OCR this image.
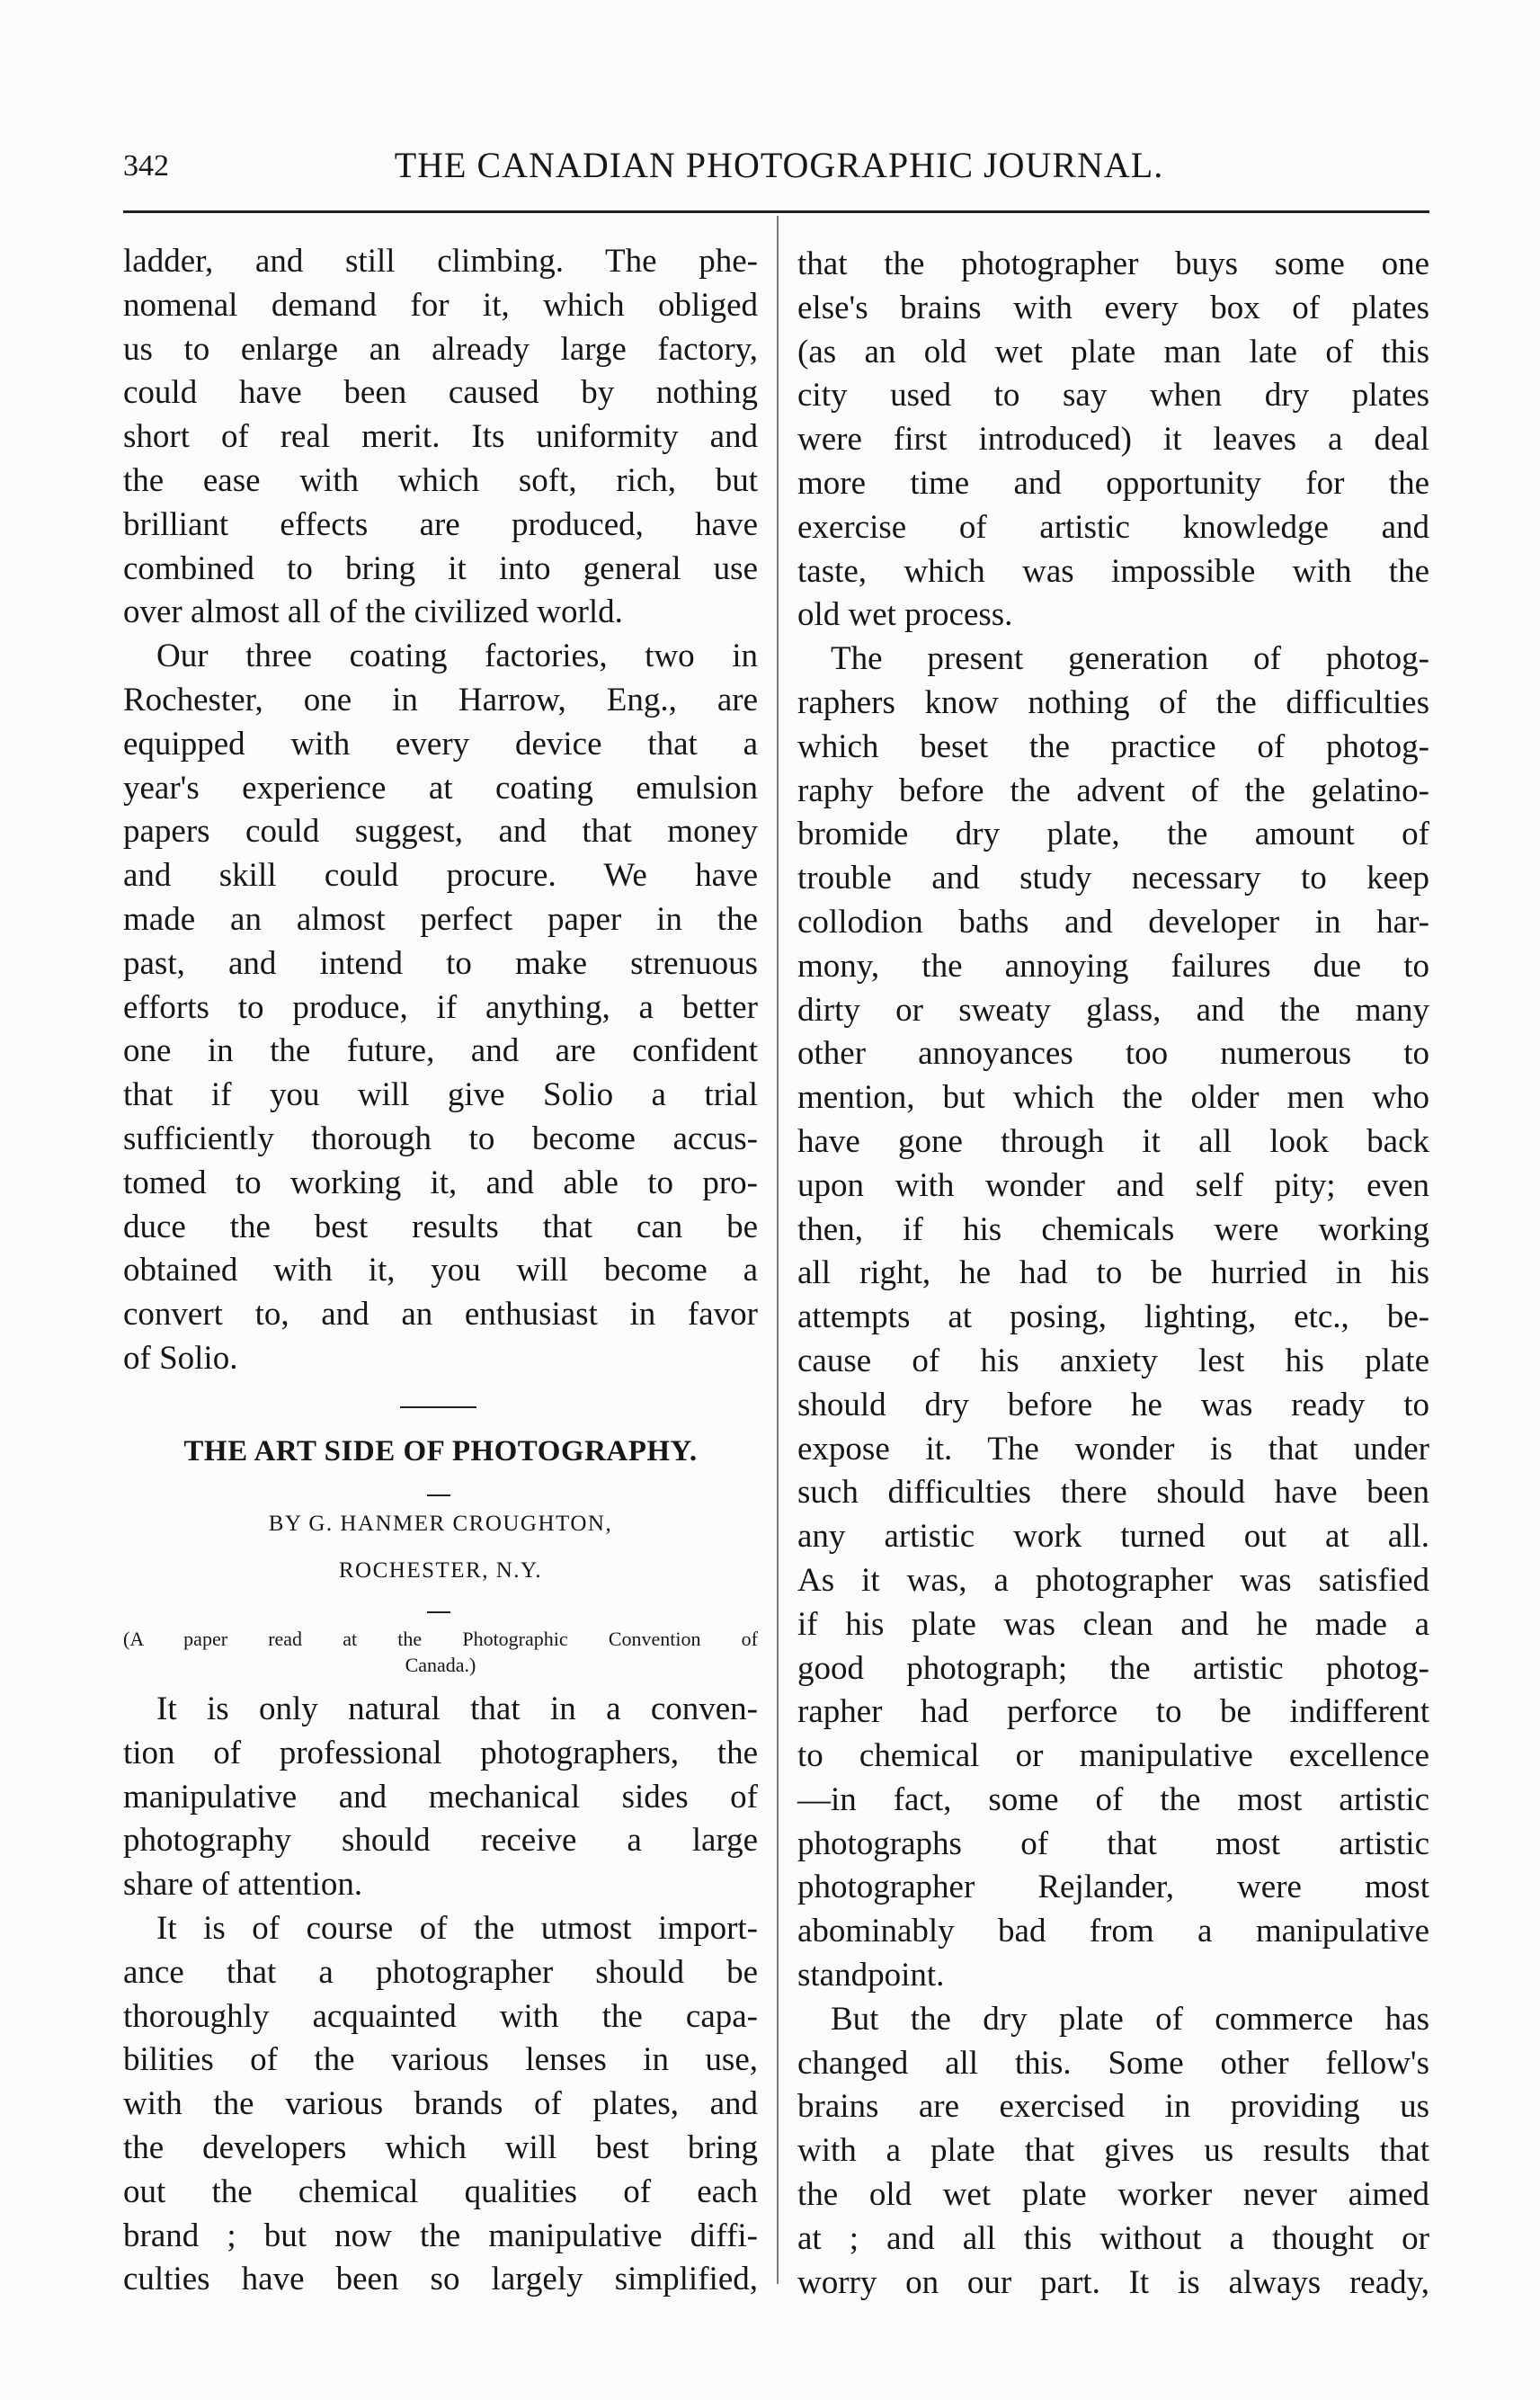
342	THE CANADIAN PHOTOGRAPHIC JOURNAL.
ladder, and still climbing. The phe-
nomenal demand for it, which obliged
us to enlarge an already large factory,
could have been caused by nothing
short of real merit. Its uniformity and
the ease with which soft, rich, but
brilliant effects are produced, have
combined to bring it into general use
over almost all of the civilized world.
Our three coating factories, two in
Rochester, one in Harrow, Eng., are
equipped with every device that a
year's experience at coating emulsion
papers could suggest, and that money
and skill could procure. We have
made an almost perfect paper in the
past, and intend to make strenuous
efforts to produce, if anything, a better
one in the future, and are confident
that if you will give Solio a trial
sufficiently thorough to become accus-
tomed to working it, and able to pro-
duce the best results that can be
obtained with it, you will become a
convert to, and an enthusiast in favor
of Solio.
THE ART SIDE OF PHOTOGRAPHY.
BY G. HANMER CROUGHTON,
ROCHESTER, N.Y.
(A paper read at the Photographic Convention of
Canada.)
It is only natural that in a conven-
tion of professional photographers, the
manipulative and mechanical sides of
photography should receive a large
share of attention.
It is of course of the utmost import-
ance that a photographer should be
thoroughly acquainted with the capa-
bilities of the various lenses in use,
with the various brands of plates, and
the developers which will best bring
out the chemical qualities of each
brand ; but now the manipulative diffi-
culties have been so largely simplified,
that the photographer buys some one
else's brains with every box of plates
(as an old wet plate man late of this
city used to say when dry plates
were first introduced) it leaves a deal
more time and opportunity for the
exercise of artistic knowledge and
taste, which was impossible with the
old wet process.
The present generation of photog-
raphers know nothing of the difficulties
which beset the practice of photog-
raphy before the advent of the gelatino-
bromide dry plate, the amount of
trouble and study necessary to keep
collodion baths and developer in har-
mony, the annoying failures due to
dirty or sweaty glass, and the many
other annoyances too numerous to
mention, but which the older men who
have gone through it all look back
upon with wonder and self pity; even
then, if his chemicals were working
all right, he had to be hurried in his
attempts at posing, lighting, etc., be-
cause of his anxiety lest his plate
should dry before he was ready to
expose it. The wonder is that under
such difficulties there should have been
any artistic work turned out at all.
As it was, a photographer was satisfied
if his plate was clean and he made a
good photograph; the artistic photog-
rapher had perforce to be indifferent
to chemical or manipulative excellence
—in fact, some of the most artistic
photographs of that most artistic
photographer Rejlander, were most
abominably bad from a manipulative
standpoint.
But the dry plate of commerce has
changed all this. Some other fellow's
brains are exercised in providing us
with a plate that gives us results that
the old wet plate worker never aimed
at ; and all this without a thought or
worry on our part. It is always ready,
